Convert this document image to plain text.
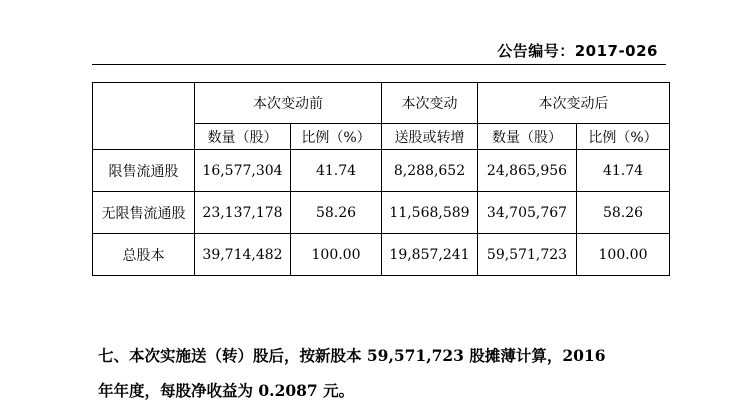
公告编号：2017-026
	本次变动前		本次变动	本次变动后	
	数量（股）	比例（%）	送股或转增	数量（股）	比例（%）
限售流通股	16,577,304	41.74	8,288,652	24,865,956	41.74
无限售流通股	23,137,178	58.26	11,568,589	34,705,767	58.26
总股本	39,714,482	100.00	19,857,241	59,571,723	100.00
七、本次实施送（转）股后，按新股本 59,571,723 股摊薄计算，2016
年年度，每股净收益为 0.2087 元。
